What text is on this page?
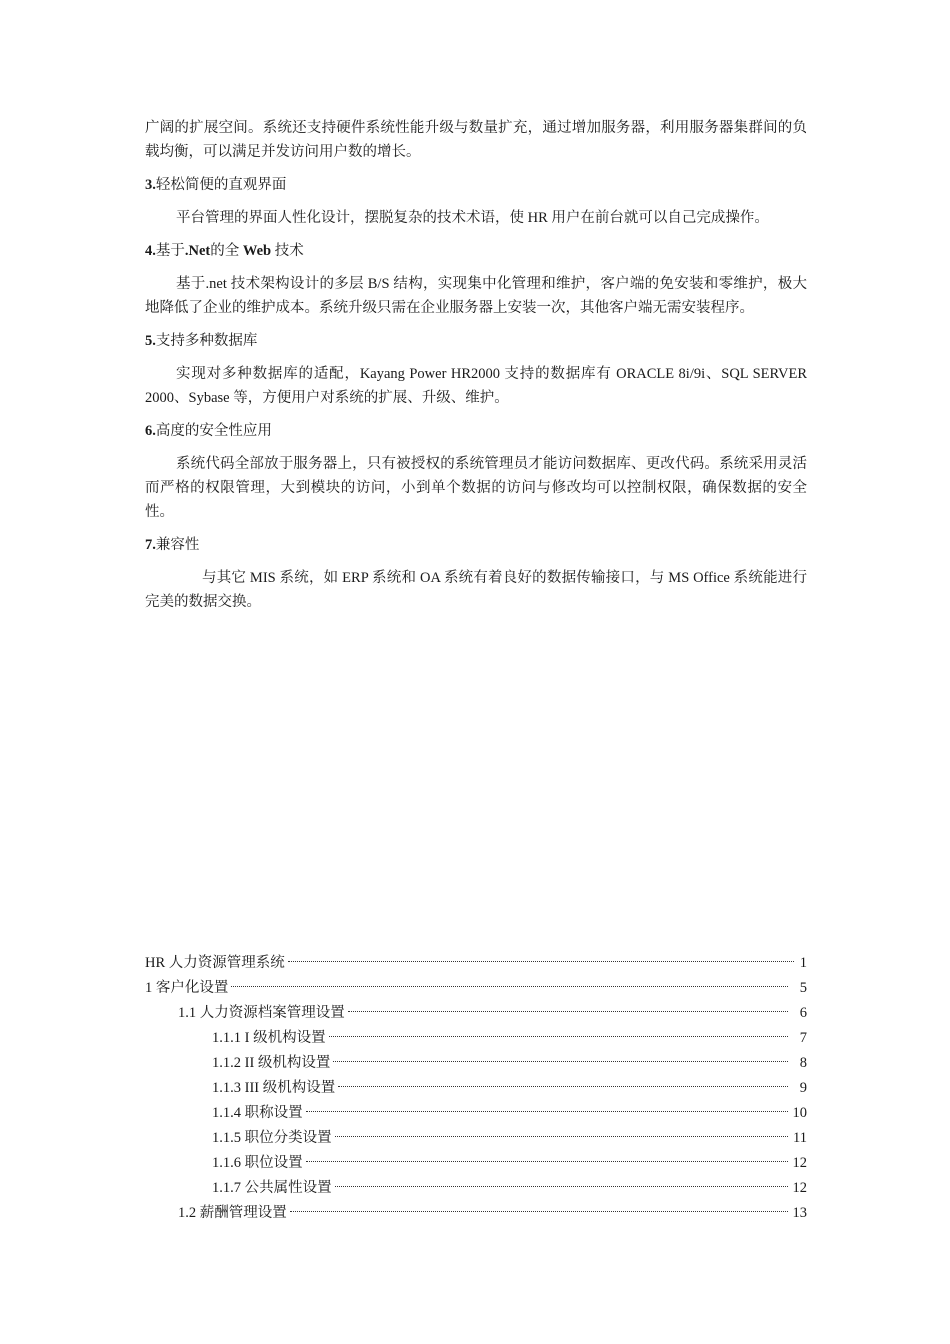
广阔的扩展空间。系统还支持硬件系统性能升级与数量扩充，通过增加服务器，利用服务器集群间的负载均衡，可以满足并发访问用户数的增长。

3.轻松简便的直观界面

平台管理的界面人性化设计，摆脱复杂的技术术语，使 HR 用户在前台就可以自己完成操作。

4.基于.Net的全 Web 技术

基于.net 技术架构设计的多层 B/S 结构，实现集中化管理和维护，客户端的免安装和零维护，极大地降低了企业的维护成本。系统升级只需在企业服务器上安装一次，其他客户端无需安装程序。

5.支持多种数据库

实现对多种数据库的适配，Kayang Power HR2000 支持的数据库有 ORACLE 8i/9i、SQL SERVER 2000、Sybase 等，方便用户对系统的扩展、升级、维护。

6.高度的安全性应用

系统代码全部放于服务器上，只有被授权的系统管理员才能访问数据库、更改代码。系统采用灵活而严格的权限管理，大到模块的访问，小到单个数据的访问与修改均可以控制权限，确保数据的安全性。

7.兼容性

与其它 MIS 系统，如 ERP 系统和 OA 系统有着良好的数据传输接口，与 MS Office 系统能进行完美的数据交换。

HR 人力资源管理系统	1
1 客户化设置	5
1.1 人力资源档案管理设置	6
1.1.1 I 级机构设置	7
1.1.2 II 级机构设置	8
1.1.3 III 级机构设置	9
1.1.4 职称设置	10
1.1.5 职位分类设置	11
1.1.6 职位设置	12
1.1.7 公共属性设置	12
1.2 薪酬管理设置	13
